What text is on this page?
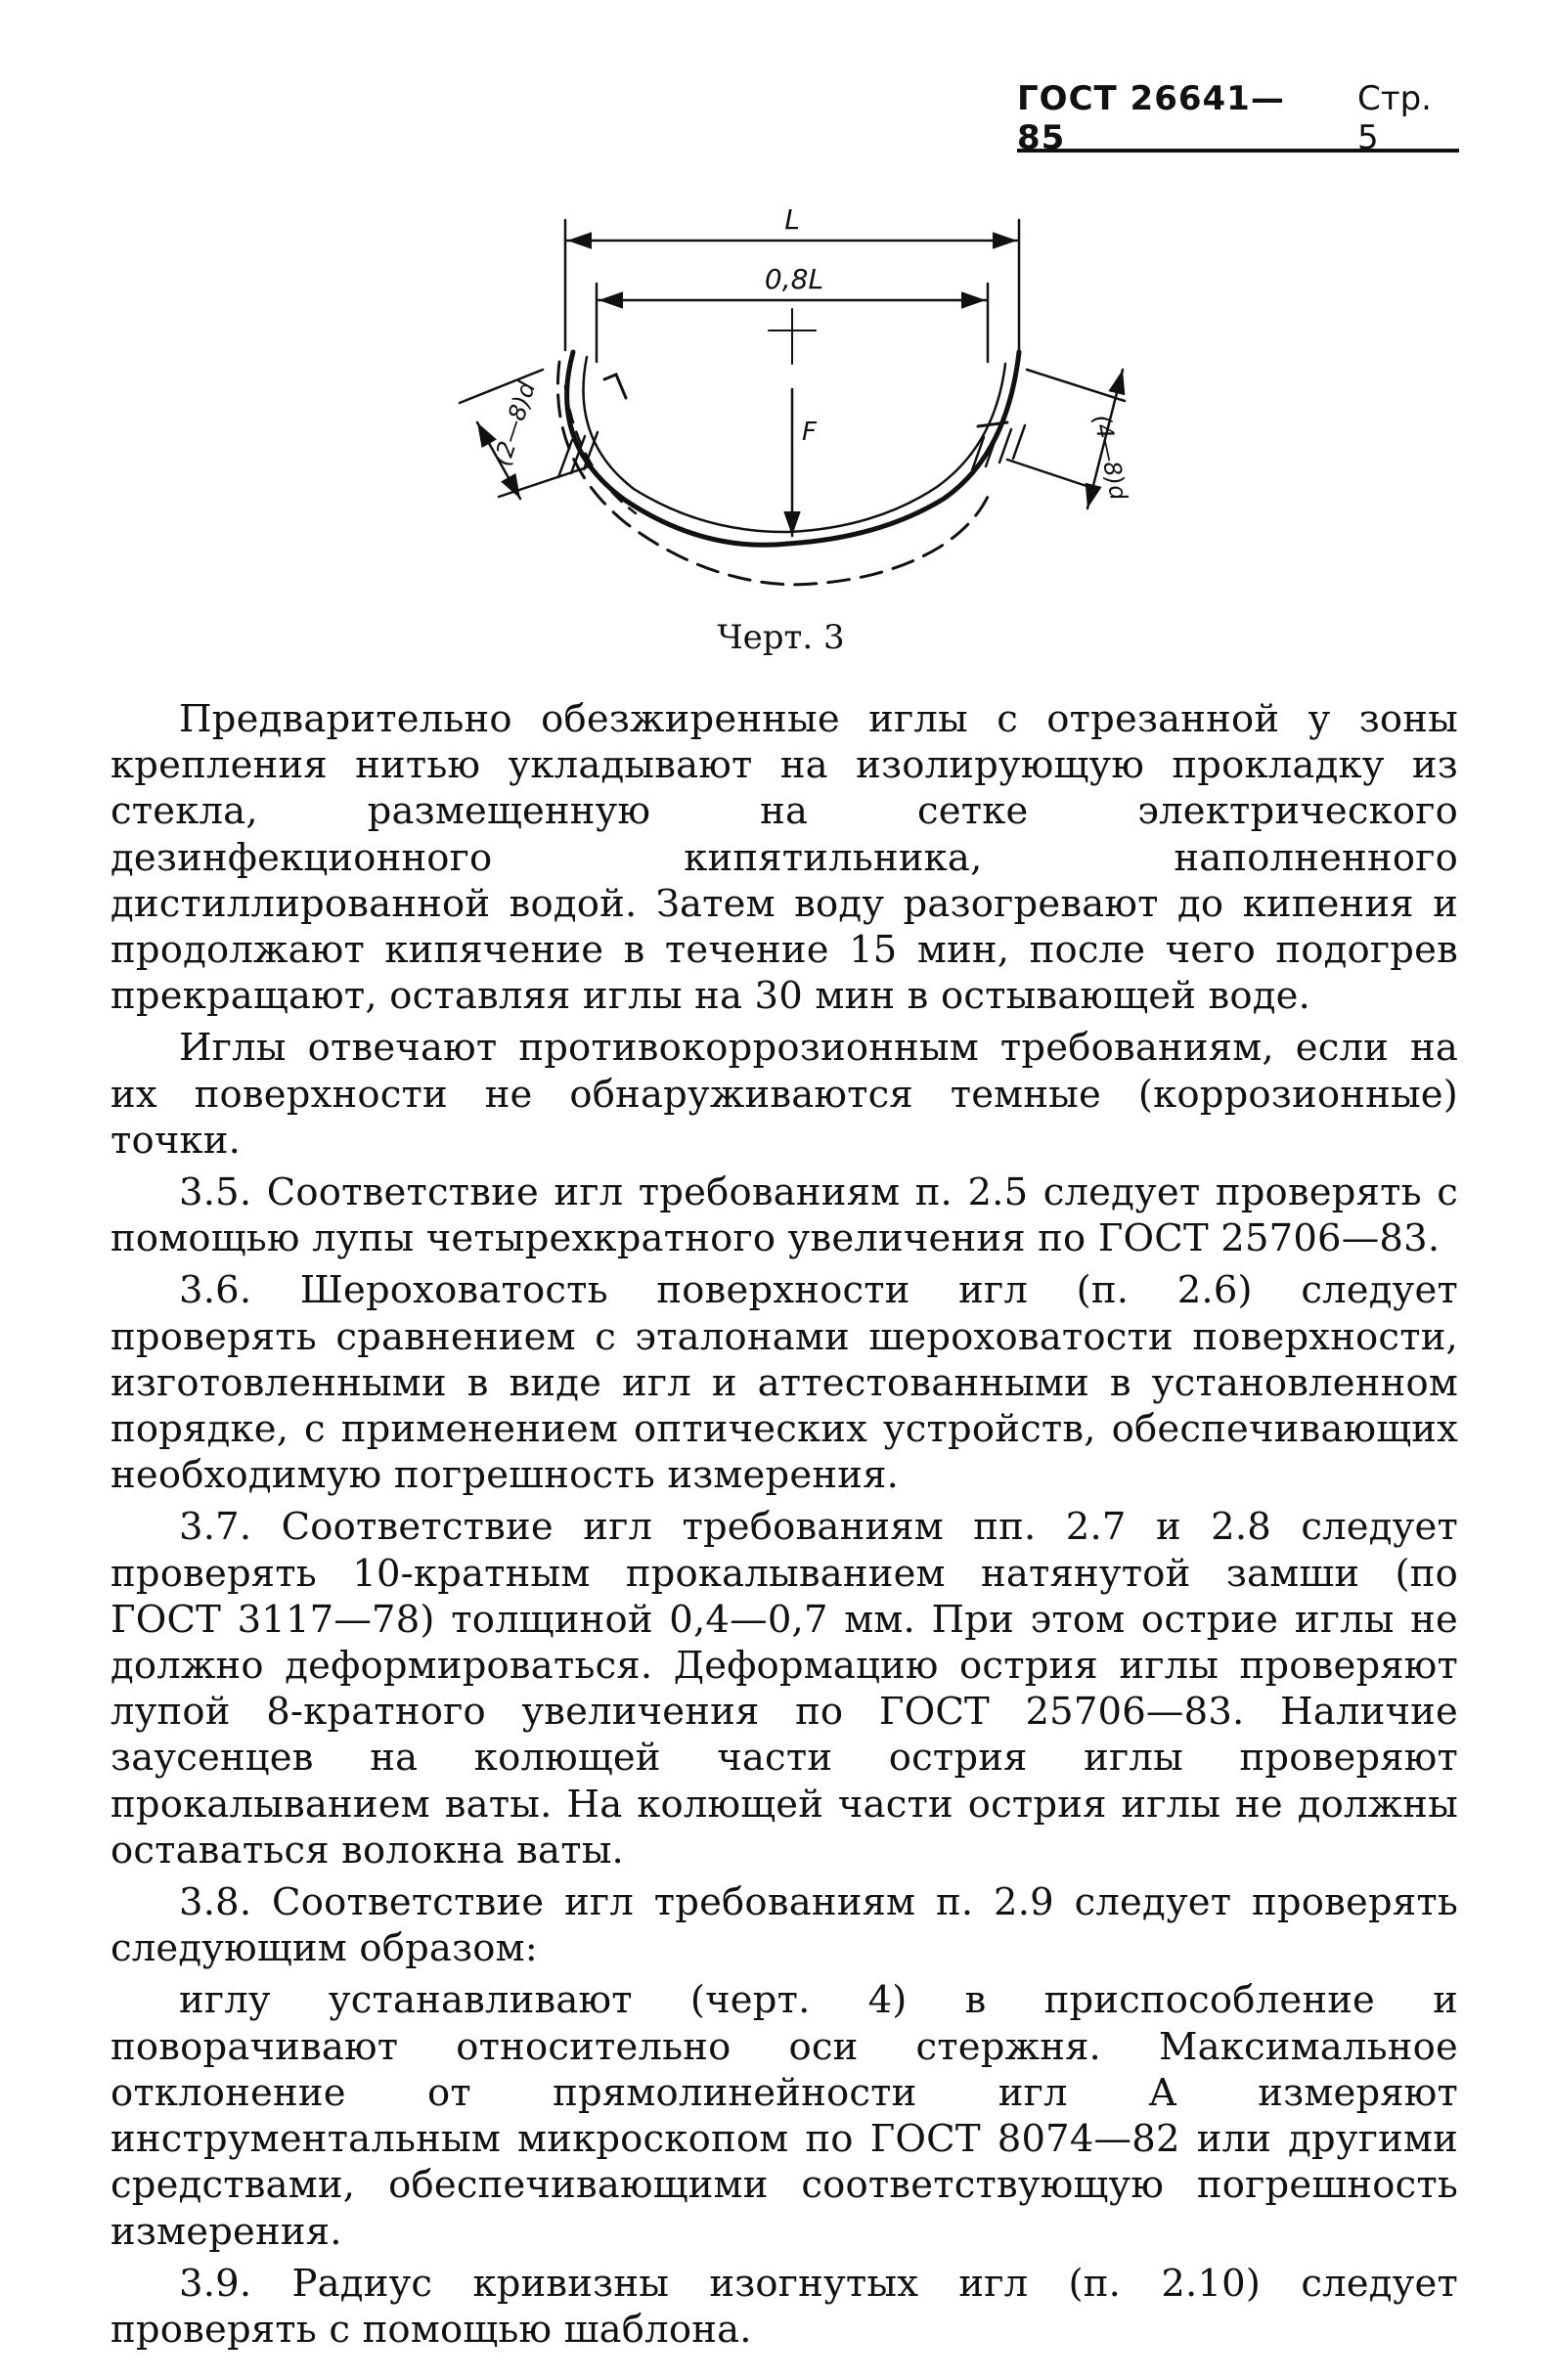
ГОСТ 26641—85
Стр. 5
L
0,8L
F
(2—8)d	(4—8)d
Черт. 3

Предварительно обезжиренные иглы с отрезанной у зоны крепления нитью укладывают на изолирующую прокладку из стекла, размещенную на сетке электрического дезинфекционного кипятильника, наполненного дистиллированной водой. Затем воду разогревают до кипения и продолжают кипячение в течение 15 мин, после чего подогрев прекращают, оставляя иглы на 30 мин в остывающей воде.

Иглы отвечают противокоррозионным требованиям, если на их поверхности не обнаруживаются темные (коррозионные) точки.

3.5. Соответствие игл требованиям п. 2.5 следует проверять с помощью лупы четырехкратного увеличения по ГОСТ 25706—83.

3.6. Шероховатость поверхности игл (п. 2.6) следует проверять сравнением с эталонами шероховатости поверхности, изготовленными в виде игл и аттестованными в установленном порядке, с применением оптических устройств, обеспечивающих необходимую погрешность измерения.

3.7. Соответствие игл требованиям пп. 2.7 и 2.8 следует проверять 10-кратным прокалыванием натянутой замши (по ГОСТ 3117—78) толщиной 0,4—0,7 мм. При этом острие иглы не должно деформироваться. Деформацию острия иглы проверяют лупой 8-кратного увеличения по ГОСТ 25706—83. Наличие заусенцев на колющей части острия иглы проверяют прокалыванием ваты. На колющей части острия иглы не должны оставаться волокна ваты.

3.8. Соответствие игл требованиям п. 2.9 следует проверять следующим образом:

иглу устанавливают (черт. 4) в приспособление и поворачивают относительно оси стержня. Максимальное отклонение от прямолинейности игл A измеряют инструментальным микроскопом по ГОСТ 8074—82 или другими средствами, обеспечивающими соответствующую погрешность измерения.

3.9. Радиус кривизны изогнутых игл (п. 2.10) следует проверять с помощью шаблона.
